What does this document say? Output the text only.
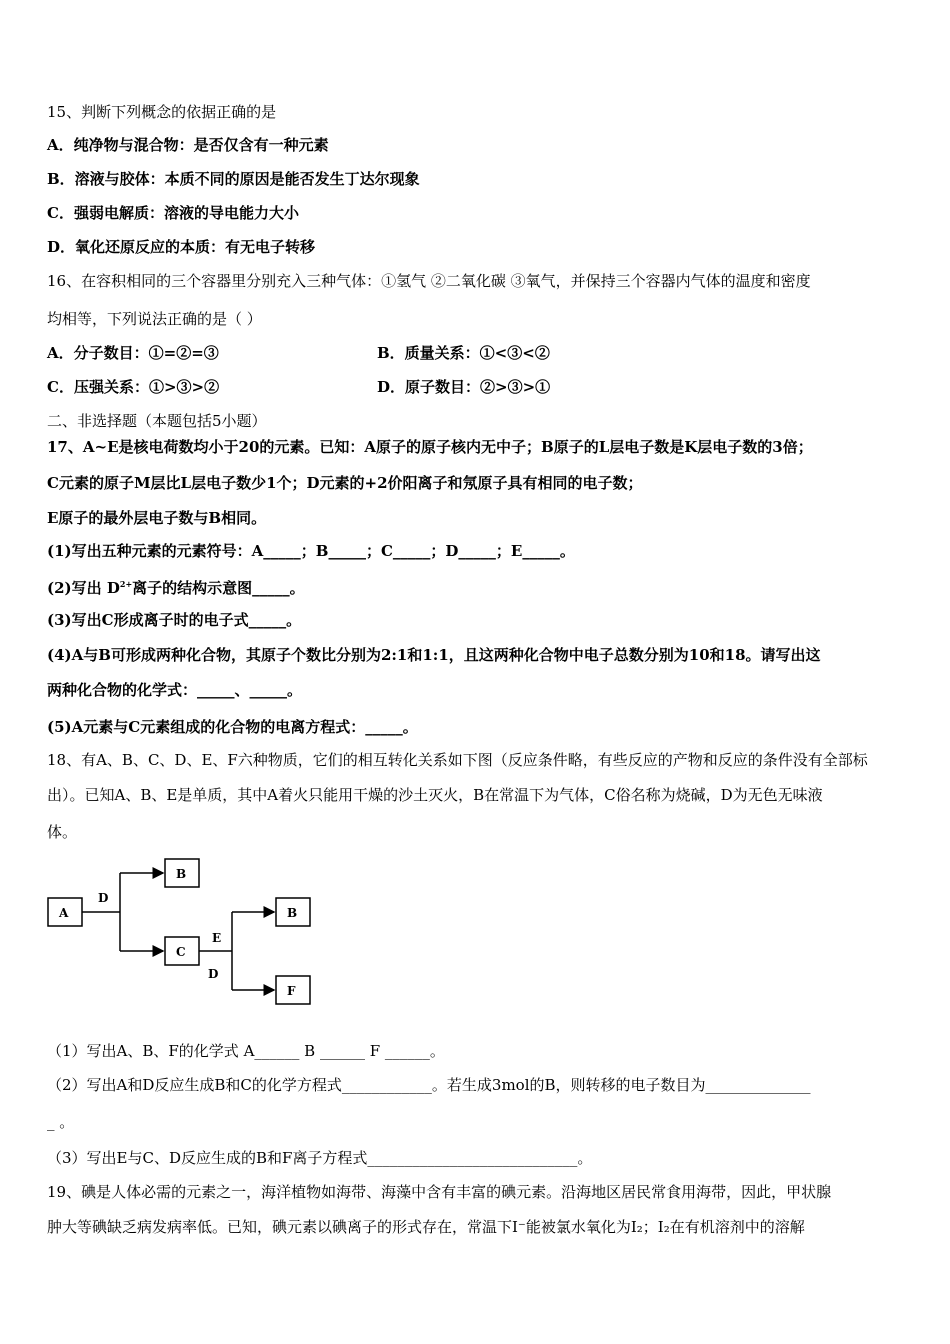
15、判断下列概念的依据正确的是
A．纯净物与混合物：是否仅含有一种元素
B．溶液与胶体：本质不同的原因是能否发生丁达尔现象
C．强弱电解质：溶液的导电能力大小
D．氧化还原反应的本质：有无电子转移
16、在容积相同的三个容器里分别充入三种气体：①氢气 ②二氧化碳 ③氧气，并保持三个容器内气体的温度和密度
均相等，下列说法正确的是（ ）
A．分子数目：①=②=③	B．质量关系：①<③<②
C．压强关系：①>③>②	D．原子数目：②>③>①
二、非选择题（本题包括5小题）
17、A~E是核电荷数均小于20的元素。已知：A原子的原子核内无中子；B原子的L层电子数是K层电子数的3倍；
C元素的原子M层比L层电子数少1个；D元素的+2价阳离子和氖原子具有相同的电子数；
E原子的最外层电子数与B相同。
(1)写出五种元素的元素符号：A_____；B_____；C_____；D_____；E_____。
(2)写出 $D^{2+}$离子的结构示意图_____。
(3)写出C形成离子时的电子式_____。
(4)A与B可形成两种化合物，其原子个数比分别为2:1和1:1，且这两种化合物中电子总数分别为10和18。请写出这
两种化合物的化学式：_____、_____。
(5)A元素与C元素组成的化合物的电离方程式：_____。
18、有A、B、C、D、E、F六种物质，它们的相互转化关系如下图（反应条件略，有些反应的产物和反应的条件没有全部标
出）。已知A、B、E是单质，其中A着火只能用干燥的沙土灭火，B在常温下为气体，C俗名称为烧碱，D为无色无味液
体。
A
B
C
B
F
D
E
D
（1）写出A、B、F的化学式 A______ B ______ F ______。
（2）写出A和D反应生成B和C的化学方程式____________。若生成3mol的B，则转移的电子数目为______________
_ 。
（3）写出E与C、D反应生成的B和F离子方程式____________________________。
19、碘是人体必需的元素之一，海洋植物如海带、海藻中含有丰富的碘元素。沿海地区居民常食用海带，因此，甲状腺
肿大等碘缺乏病发病率低。已知，碘元素以碘离子的形式存在，常温下I⁻能被氯水氧化为I₂；I₂在有机溶剂中的溶解
